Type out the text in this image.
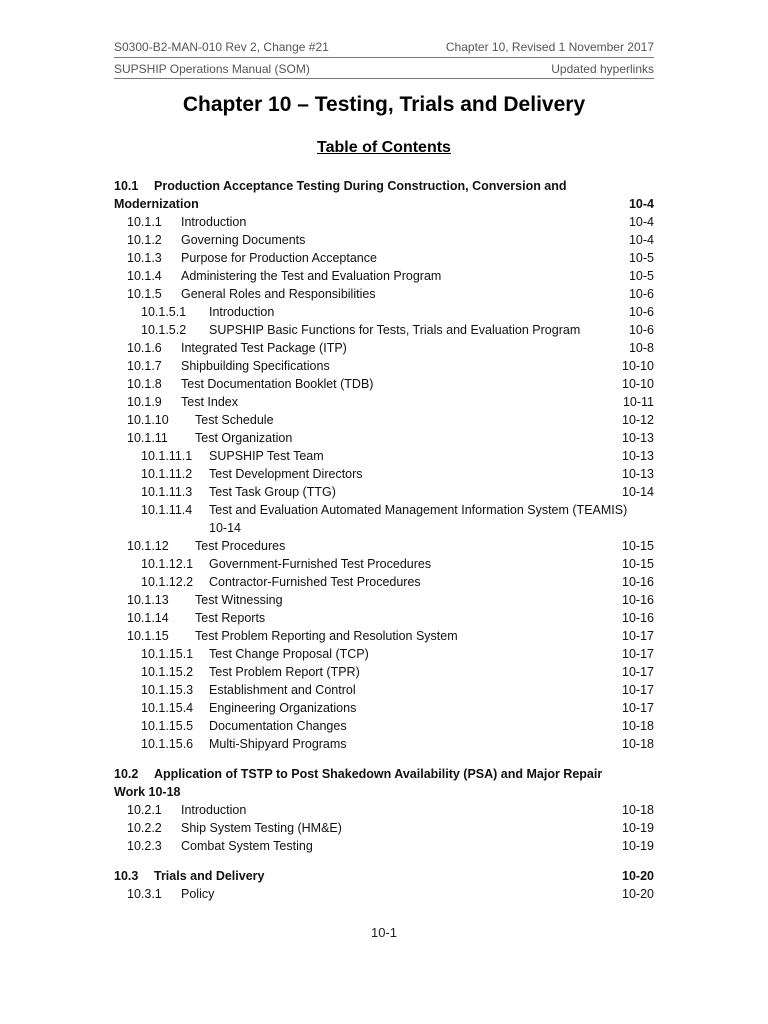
S0300-B2-MAN-010 Rev 2, Change #21	Chapter 10, Revised 1 November 2017
SUPSHIP Operations Manual (SOM)	Updated hyperlinks
Chapter 10 – Testing, Trials and Delivery
Table of Contents
10.1 Production Acceptance Testing During Construction, Conversion and
Modernization	10-4
10.1.1 Introduction	10-4
10.1.2 Governing Documents	10-4
10.1.3 Purpose for Production Acceptance	10-5
10.1.4 Administering the Test and Evaluation Program	10-5
10.1.5 General Roles and Responsibilities	10-6
10.1.5.1 Introduction	10-6
10.1.5.2 SUPSHIP Basic Functions for Tests, Trials and Evaluation Program	10-6
10.1.6 Integrated Test Package (ITP)	10-8
10.1.7 Shipbuilding Specifications	10-10
10.1.8 Test Documentation Booklet (TDB)	10-10
10.1.9 Test Index	10-11
10.1.10 Test Schedule	10-12
10.1.11 Test Organization	10-13
10.1.11.1 SUPSHIP Test Team	10-13
10.1.11.2 Test Development Directors	10-13
10.1.11.3 Test Task Group (TTG)	10-14
10.1.11.4 Test and Evaluation Automated Management Information System (TEAMIS)
10-14
10.1.12 Test Procedures	10-15
10.1.12.1 Government-Furnished Test Procedures	10-15
10.1.12.2 Contractor-Furnished Test Procedures	10-16
10.1.13 Test Witnessing	10-16
10.1.14 Test Reports	10-16
10.1.15 Test Problem Reporting and Resolution System	10-17
10.1.15.1 Test Change Proposal (TCP)	10-17
10.1.15.2 Test Problem Report (TPR)	10-17
10.1.15.3 Establishment and Control	10-17
10.1.15.4 Engineering Organizations	10-17
10.1.15.5 Documentation Changes	10-18
10.1.15.6 Multi-Shipyard Programs	10-18
10.2 Application of TSTP to Post Shakedown Availability (PSA) and Major Repair
Work 10-18
10.2.1 Introduction	10-18
10.2.2 Ship System Testing (HM&E)	10-19
10.2.3 Combat System Testing	10-19
10.3 Trials and Delivery	10-20
10.3.1 Policy	10-20
10-1
